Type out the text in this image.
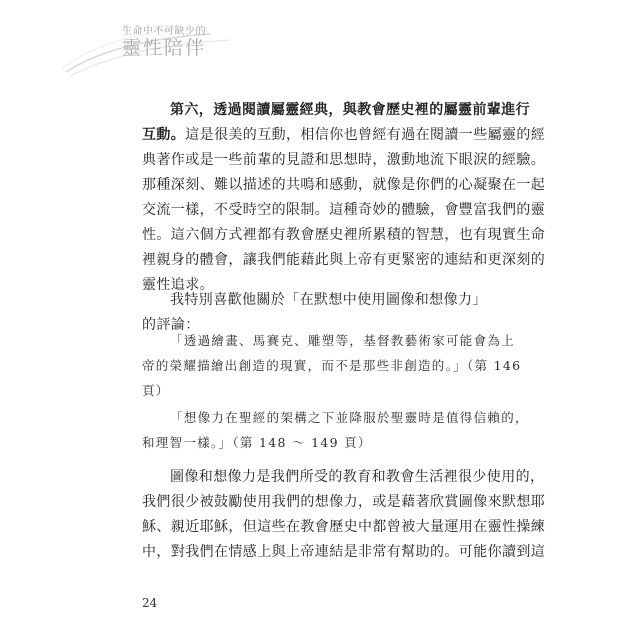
生命中不可缺少的
靈性陪伴
第六，透過閱讀屬靈經典，與教會歷史裡的屬靈前輩進行
互動。這是很美的互動，相信你也曾經有過在閱讀一些屬靈的經
典著作或是一些前輩的見證和思想時，激動地流下眼淚的經驗。
那種深刻、難以描述的共鳴和感動，就像是你們的心凝聚在一起
交流一樣，不受時空的限制。這種奇妙的體驗，會豐富我們的靈
性。這六個方式裡都有教會歷史裡所累積的智慧，也有現實生命
裡親身的體會，讓我們能藉此與上帝有更緊密的連結和更深刻的
靈性追求。
我特別喜歡他關於「在默想中使用圖像和想像力」的評論：
「透過繪畫、馬賽克、雕塑等，基督教藝術家可能會為上
帝的榮耀描繪出創造的現實，而不是那些非創造的。」（第 146
頁）
「想像力在聖經的架構之下並降服於聖靈時是值得信賴的，
和理智一樣。」（第 148 ～ 149 頁）
圖像和想像力是我們所受的教育和教會生活裡很少使用的，
我們很少被鼓勵使用我們的想像力，或是藉著欣賞圖像來默想耶
穌、親近耶穌，但這些在教會歷史中都曾被大量運用在靈性操練
中，對我們在情感上與上帝連結是非常有幫助的。可能你讀到這
24
